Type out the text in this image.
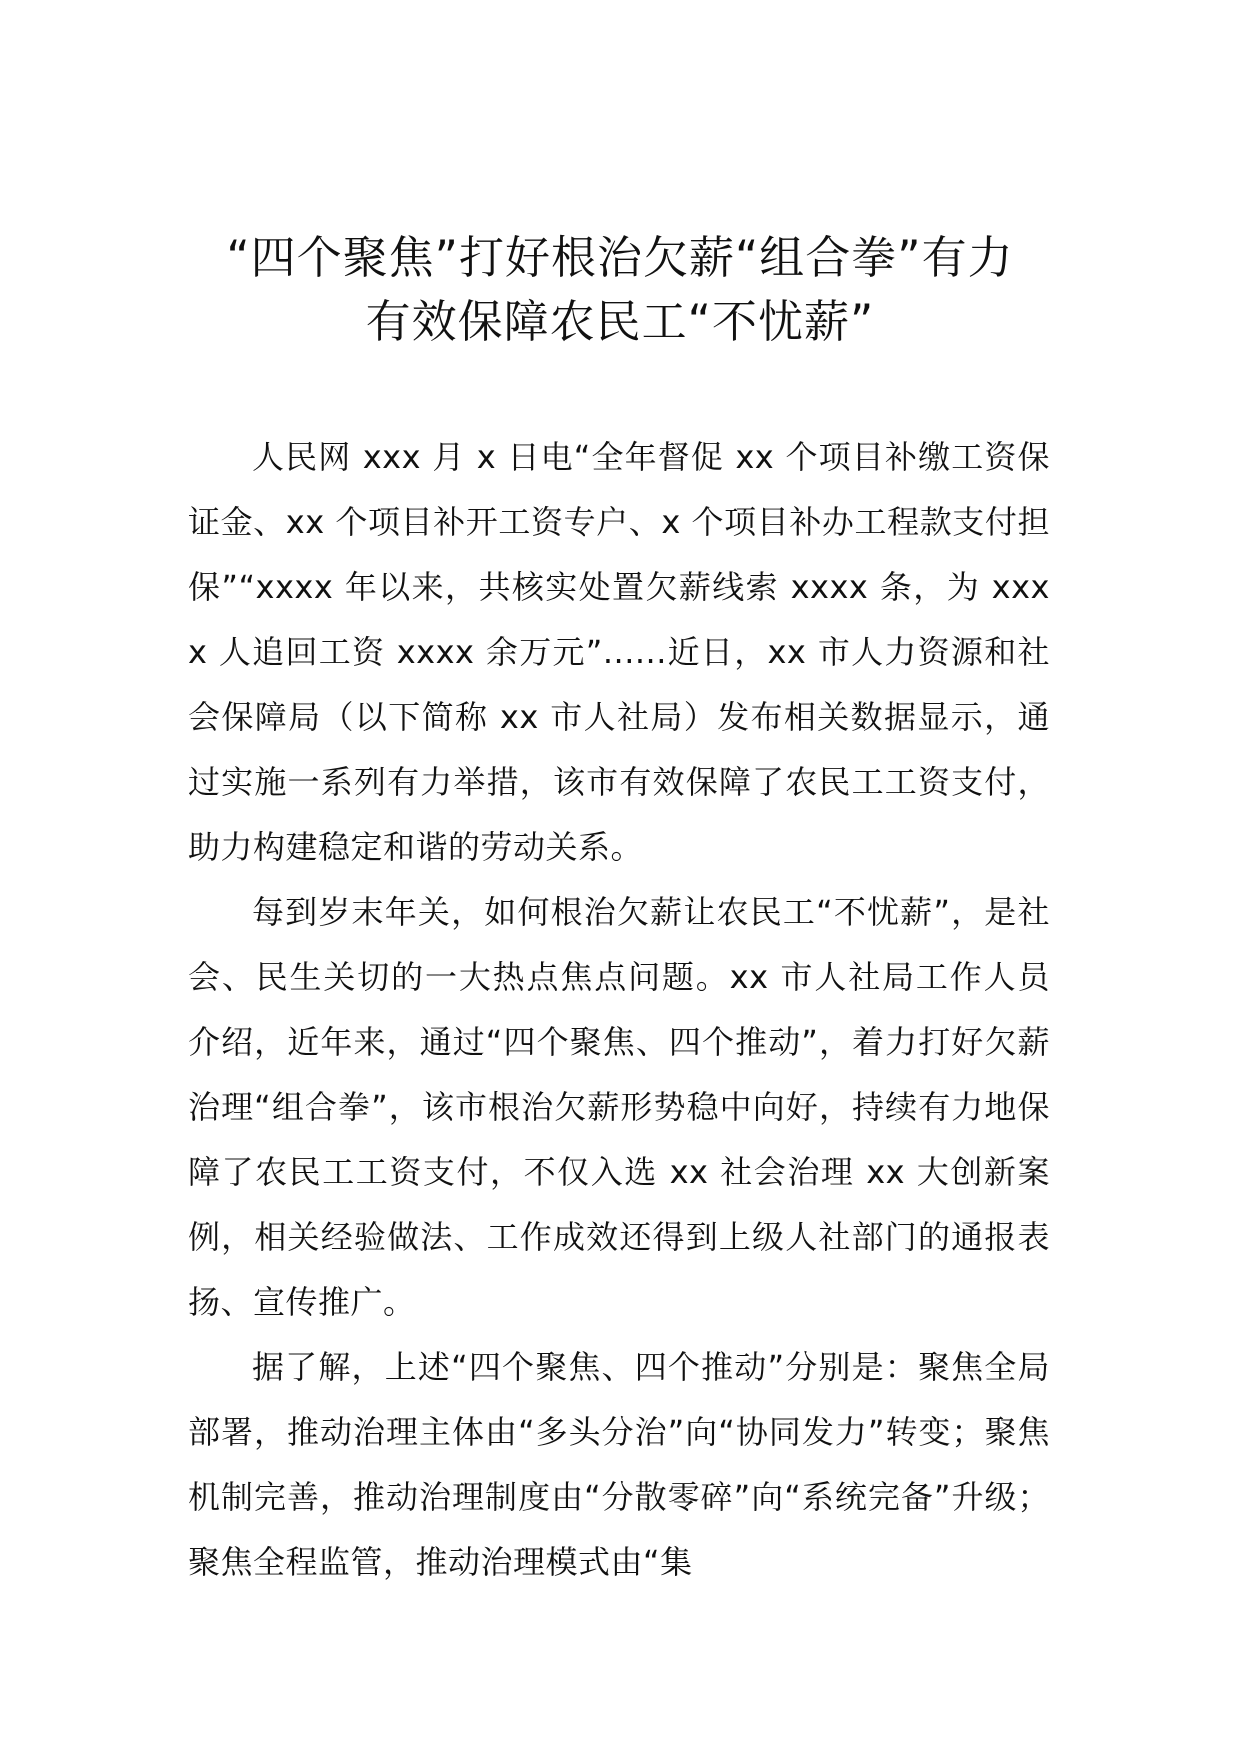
“四个聚焦”打好根治欠薪“组合拳”有力
有效保障农民工“不忧薪”

人民网 xxx 月 x 日电“全年督促 xx 个项目补缴工资保证金、xx 个项目补开工资专户、x 个项目补办工程款支付担保”“xxxx 年以来，共核实处置欠薪线索 xxxx 条，为 xxxx 人追回工资 xxxx 余万元”......近日，xx 市人力资源和社会保障局（以下简称 xx 市人社局）发布相关数据显示，通过实施一系列有力举措，该市有效保障了农民工工资支付，助力构建稳定和谐的劳动关系。

每到岁末年关，如何根治欠薪让农民工“不忧薪”，是社会、民生关切的一大热点焦点问题。xx 市人社局工作人员介绍，近年来，通过“四个聚焦、四个推动”，着力打好欠薪治理“组合拳”，该市根治欠薪形势稳中向好，持续有力地保障了农民工工资支付，不仅入选 xx 社会治理 xx 大创新案例，相关经验做法、工作成效还得到上级人社部门的通报表扬、宣传推广。

据了解，上述“四个聚焦、四个推动”分别是：聚焦全局部署，推动治理主体由“多头分治”向“协同发力”转变；聚焦机制完善，推动治理制度由“分散零碎”向“系统完备”升级；聚焦全程监管，推动治理模式由“集
